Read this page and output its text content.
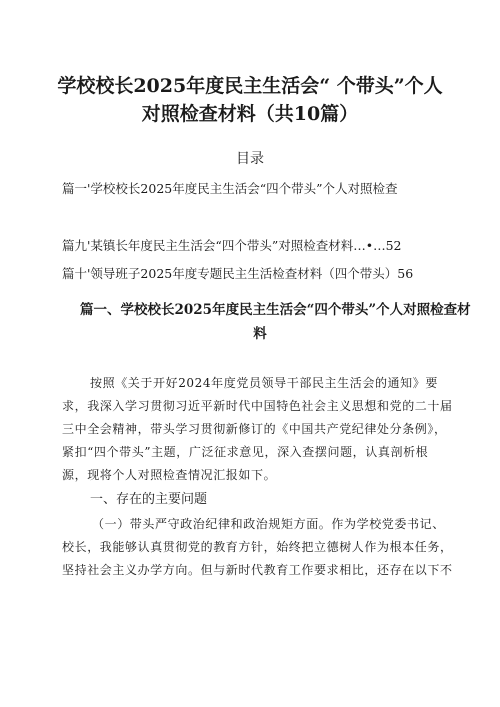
学校校长2025年度民主生活会“ 个带头”个人
对照检查材料（共10篇）
目录
篇一'学校校长2025年度民主生活会“四个带头”个人对照检查
篇九'某镇长年度民主生活会“四个带头”对照检查材料…•…52
篇十'领导班子2025年度专题民主生活检查材料（四个带头）56
篇一、学校校长2025年度民主生活会“四个带头”个人对照检查材
料
按照《关于开好2024年度党员领导干部民主生活会的通知》要
求，我深入学习贯彻习近平新时代中国特色社会主义思想和党的二十届
三中全会精神，带头学习贯彻新修订的《中国共产党纪律处分条例》，
紧扣“四个带头”主题，广泛征求意见，深入查摆问题，认真剖析根
源，现将个人对照检查情况汇报如下。
一、存在的主要问题
（一）带头严守政治纪律和政治规矩方面。作为学校党委书记、
校长，我能够认真贯彻党的教育方针，始终把立德树人作为根本任务，
坚持社会主义办学方向。但与新时代教育工作要求相比，还存在以下不
